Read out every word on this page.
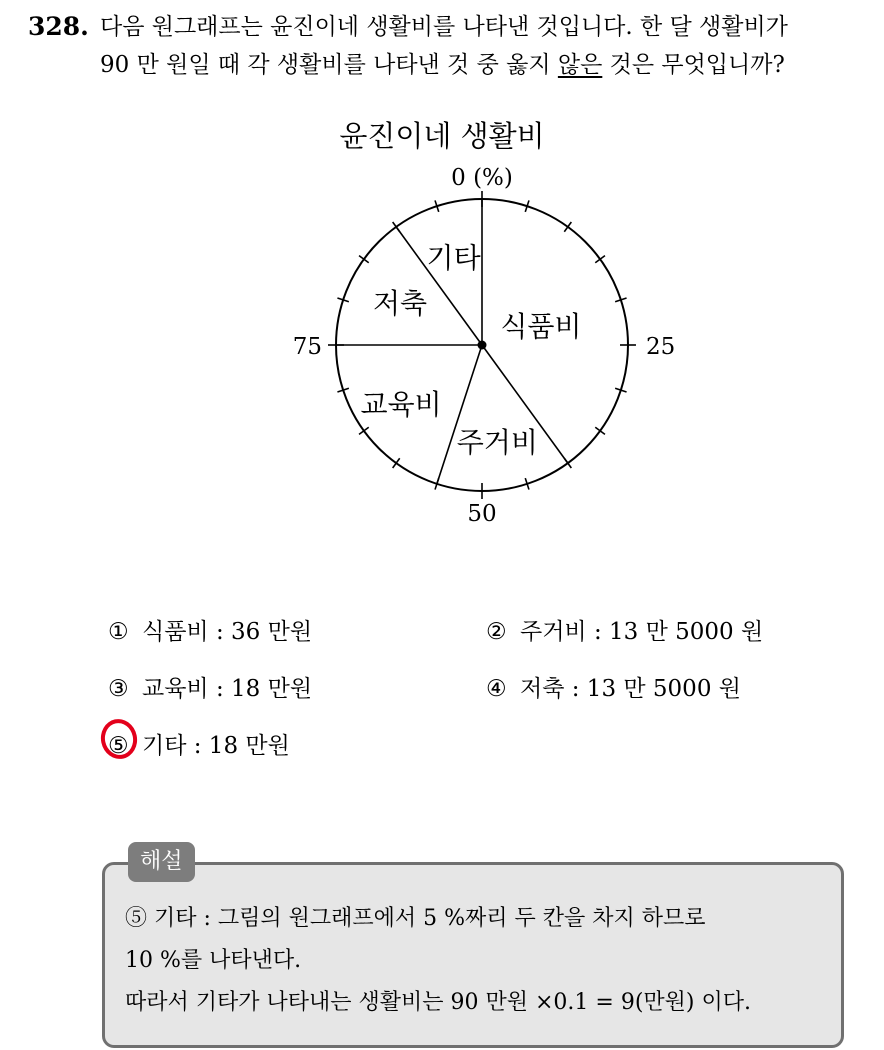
328. 다음 원그래프는 윤진이네 생활비를 나타낸 것입니다. 한 달 생활비가
90 만 원일 때 각 생활비를 나타낸 것 중 옳지 않은 것은 무엇입니까?
윤진이네 생활비
식품비
주거비
교육비
저축
기타
0 (%)
25
50
75
① 식품비 : 36 만원	② 주거비 : 13 만 5000 원
③ 교육비 : 18 만원	④ 저축 : 13 만 5000 원
⑤ 기타 : 18 만원
해설
⑤ 기타 : 그림의 원그래프에서 5 %짜리 두 칸을 차지 하므로
10 %를 나타낸다.
따라서 기타가 나타내는 생활비는 90 만원 ×0.1 = 9(만원) 이다.
